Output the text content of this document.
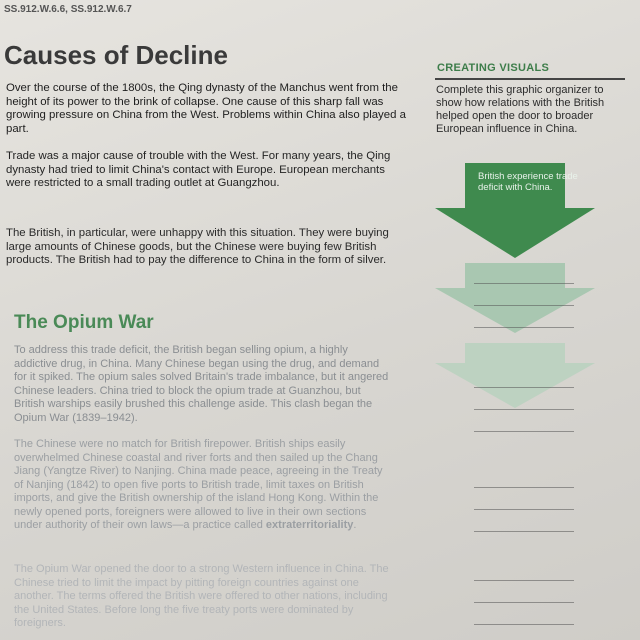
SS.912.W.6.6, SS.912.W.6.7
Causes of Decline

Over the course of the 1800s, the Qing dynasty of the Manchus went from the height of its power to the brink of collapse. One cause of this sharp fall was growing pressure on China from the West. Problems within China also played a part.

Trade was a major cause of trouble with the West. For many years, the Qing dynasty had tried to limit China's contact with Europe. European merchants were restricted to a small trading outlet at Guangzhou.

The British, in particular, were unhappy with this situation. They were buying large amounts of Chinese goods, but the Chinese were buying few British products. The British had to pay the difference to China in the form of silver.

The Opium War

To address this trade deficit, the British began selling opium, a highly addictive drug, in China. Many Chinese began using the drug, and demand for it spiked. The opium sales solved Britain's trade imbalance, but it angered Chinese leaders. China tried to block the opium trade at Guanzhou, but British warships easily brushed this challenge aside. This clash began the Opium War (1839–1942).

The Chinese were no match for British firepower. British ships easily overwhelmed Chinese coastal and river forts and then sailed up the Chang Jiang (Yangtze River) to Nanjing. China made peace, agreeing in the Treaty of Nanjing (1842) to open five ports to British trade, limit taxes on British imports, and give the British ownership of the island Hong Kong. Within the newly opened ports, foreigners were allowed to live in their own sections under authority of their own laws—a practice called extraterritoriality.

The Opium War opened the door to a strong Western influence in China. The Chinese tried to limit the impact by pitting foreign countries against one another. The terms offered the British were offered to other nations, including the United States. Before long the five treaty ports were dominated by foreigners.

CREATING VISUALS

Complete this graphic organizer to show how relations with the British helped open the door to broader European influence in China.

British experience trade deficit with China.
